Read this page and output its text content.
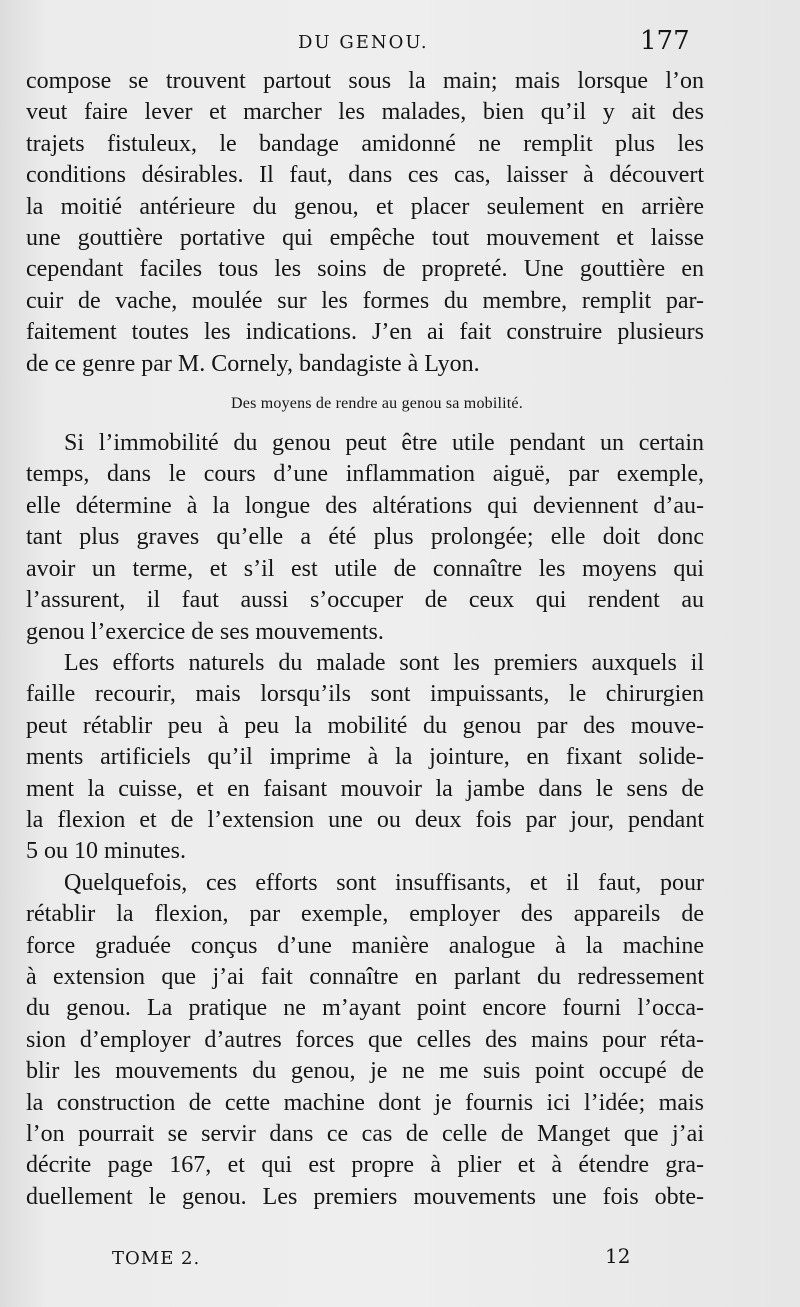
DU GENOU.	177

compose se trouvent partout sous la main; mais lorsque l’on
veut faire lever et marcher les malades, bien qu’il y ait des
trajets fistuleux, le bandage amidonné ne remplit plus les
conditions désirables. Il faut, dans ces cas, laisser à découvert
la moitié antérieure du genou, et placer seulement en arrière
une gouttière portative qui empêche tout mouvement et laisse
cependant faciles tous les soins de propreté. Une gouttière en
cuir de vache, moulée sur les formes du membre, remplit par-
faitement toutes les indications. J’en ai fait construire plusieurs
de ce genre par M. Cornely, bandagiste à Lyon.

Des moyens de rendre au genou sa mobilité.

Si l’immobilité du genou peut être utile pendant un certain
temps, dans le cours d’une inflammation aiguë, par exemple,
elle détermine à la longue des altérations qui deviennent d’au-
tant plus graves qu’elle a été plus prolongée; elle doit donc
avoir un terme, et s’il est utile de connaître les moyens qui
l’assurent, il faut aussi s’occuper de ceux qui rendent au
genou l’exercice de ses mouvements.

Les efforts naturels du malade sont les premiers auxquels il
faille recourir, mais lorsqu’ils sont impuissants, le chirurgien
peut rétablir peu à peu la mobilité du genou par des mouve-
ments artificiels qu’il imprime à la jointure, en fixant solide-
ment la cuisse, et en faisant mouvoir la jambe dans le sens de
la flexion et de l’extension une ou deux fois par jour, pendant
5 ou 10 minutes.

Quelquefois, ces efforts sont insuffisants, et il faut, pour
rétablir la flexion, par exemple, employer des appareils de
force graduée conçus d’une manière analogue à la machine
à extension que j’ai fait connaître en parlant du redressement
du genou. La pratique ne m’ayant point encore fourni l’occa-
sion d’employer d’autres forces que celles des mains pour réta-
blir les mouvements du genou, je ne me suis point occupé de
la construction de cette machine dont je fournis ici l’idée; mais
l’on pourrait se servir dans ce cas de celle de Manget que j’ai
décrite page 167, et qui est propre à plier et à étendre gra-
duellement le genou. Les premiers mouvements une fois obte-

TOME 2.	12
